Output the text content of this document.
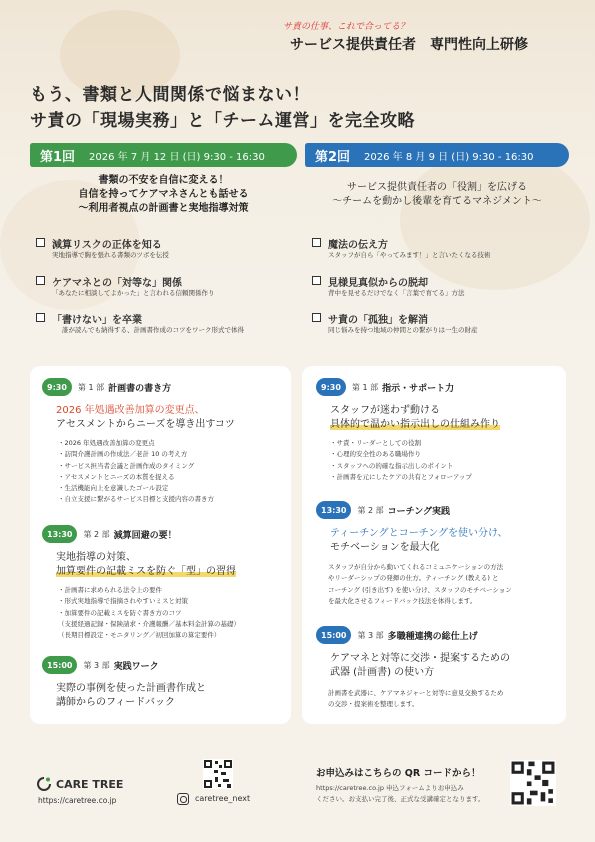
サ責の仕事、これで合ってる？
サービス提供責任者　専門性向上研修
もう、書類と人間関係で悩まない！
サ責の「現場実務」と「チーム運営」を完全攻略
第1回 2026 年 7 月 12 日 (日) 9:30 - 16:30
書類の不安を自信に変える！
自信を持ってケアマネさんとも話せる
〜利用者視点の計画書と実地指導対策
第2回 2026 年 8 月 9 日 (日) 9:30 - 16:30
サービス提供責任者の「役割」を広げる
〜チームを動かし後輩を育てるマネジメント〜
減算リスクの正体を知る
実地指導で胸を張れる書類のツボを伝授
ケアマネとの「対等な」関係
「あなたに相談してよかった」と言われる信頼関係作り
「書けない」を卒業
誰が読んでも納得する、計画書作成のコツをワーク形式で体得
魔法の伝え方
スタッフが自ら「やってみます！」と言いたくなる技術
見様見真似からの脱却
背中を見せるだけでなく「言葉で育てる」方法
サ責の「孤独」を解消
同じ悩みを持つ地域の仲間との繋がりは一生の財産
9:30	第 1 部 計画書の書き方
2026 年処遇改善加算の変更点、
アセスメントからニーズを導き出すコツ
・2026 年処遇改善加算の変更点
・訪問介護計画の作成法／老計 10 の考え方
・サービス担当者会議と計画作成のタイミング
・アセスメントとニーズの本質を捉える
・生活機能向上を意識したゴール設定
・自立支援に繋がるサービス目標と支援内容の書き方
13:30	第 2 部 減算回避の要！
実地指導の対策、
加算要件の記載ミスを防ぐ「型」の習得
・計画書に求められる法令上の要件
・形式実地指導で指摘されやすいミスと対策
・加算要件の記載ミスを防ぐ書き方のコツ
（支援経過記録・保険請求・介護報酬／基本料金計算の基礎）
（長期目標設定・モニタリング／初回加算の算定要件）
15:00	第 3 部 実践ワーク
実際の事例を使った計画書作成と
講師からのフィードバック
9:30	第 1 部 指示・サポート力
スタッフが迷わず動ける
具体的で温かい指示出しの仕組み作り
・サ責・リーダーとしての役割
・心理的安全性のある職場作り
・スタッフへの的確な指示出しのポイント
・計画書を元にしたケアの共有とフォローアップ
13:30	第 2 部 コーチング実践
ティーチングとコーチングを使い分け、
モチベーションを最大化
スタッフが自分から動いてくれるコミュニケーションの方法
やリーダーシップの発揮の仕方。ティーチング (教える) と
コーチング (引き出す) を使い分け、スタッフのモチベーション
を最大化させるフィードバック技法を体得します。
15:00	第 3 部 多職種連携の総仕上げ
ケアマネと対等に交渉・提案するための
武器 (計画書) の使い方
計画書を武器に、ケアマネジャーと対等に意見交換するため
の交渉・提案術を整理します。
CARE TREE
https://caretree.co.jp	caretree_next
お申込みはこちらの QR コードから！
https://caretree.co.jp 申込フォームよりお申込み
ください。お支払い完了後、正式な受講確定となります。
